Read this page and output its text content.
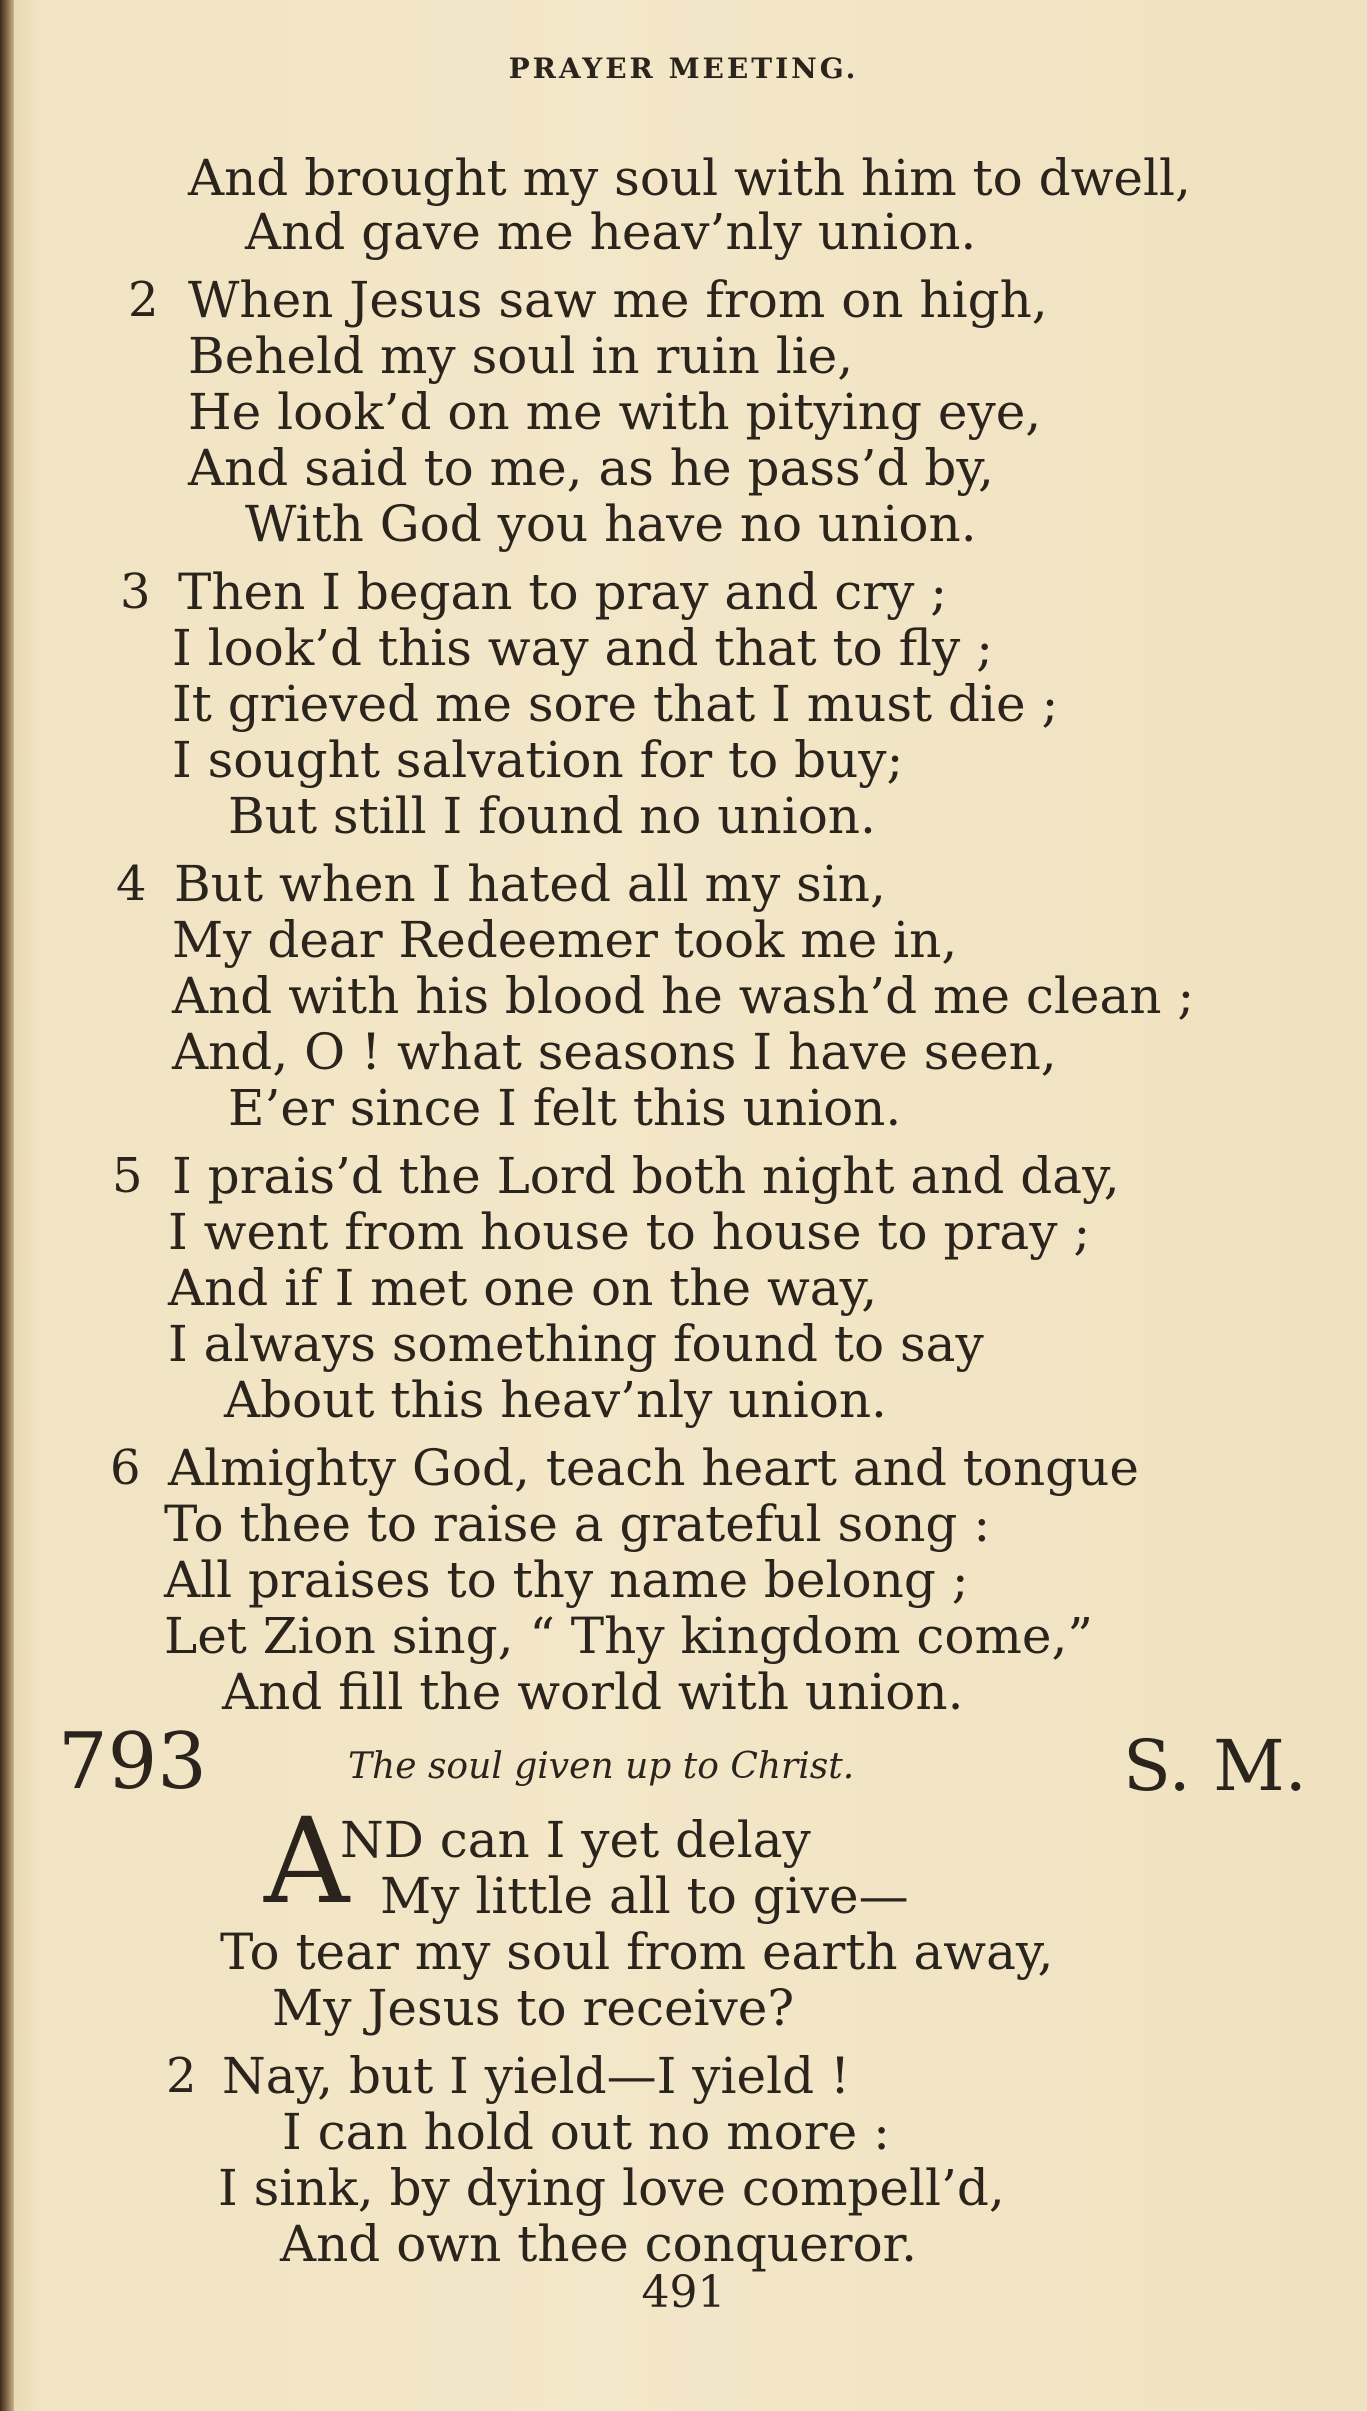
PRAYER MEETING.
And brought my soul with him to dwell,
And gave me heav’nly union.
2 When Jesus saw me from on high,
Beheld my soul in ruin lie,
He look’d on me with pitying eye,
And said to me, as he pass’d by,
With God you have no union.
3 Then I began to pray and cry ;
I look’d this way and that to fly ;
It grieved me sore that I must die ;
I sought salvation for to buy;
But still I found no union.
4 But when I hated all my sin,
My dear Redeemer took me in,
And with his blood he wash’d me clean ;
And, O ! what seasons I have seen,
E’er since I felt this union.
5 I prais’d the Lord both night and day,
I went from house to house to pray ;
And if I met one on the way,
I always something found to say
About this heav’nly union.
6 Almighty God, teach heart and tongue
To thee to raise a grateful song :
All praises to thy name belong ;
Let Zion sing, “ Thy kingdom come,”
And fill the world with union.
793	The soul given up to Christ.	S. M.
A
ND can I yet delay
My little all to give—
To tear my soul from earth away,
My Jesus to receive?
2 Nay, but I yield—I yield !
I can hold out no more :
I sink, by dying love compell’d,
And own thee conqueror.
491
